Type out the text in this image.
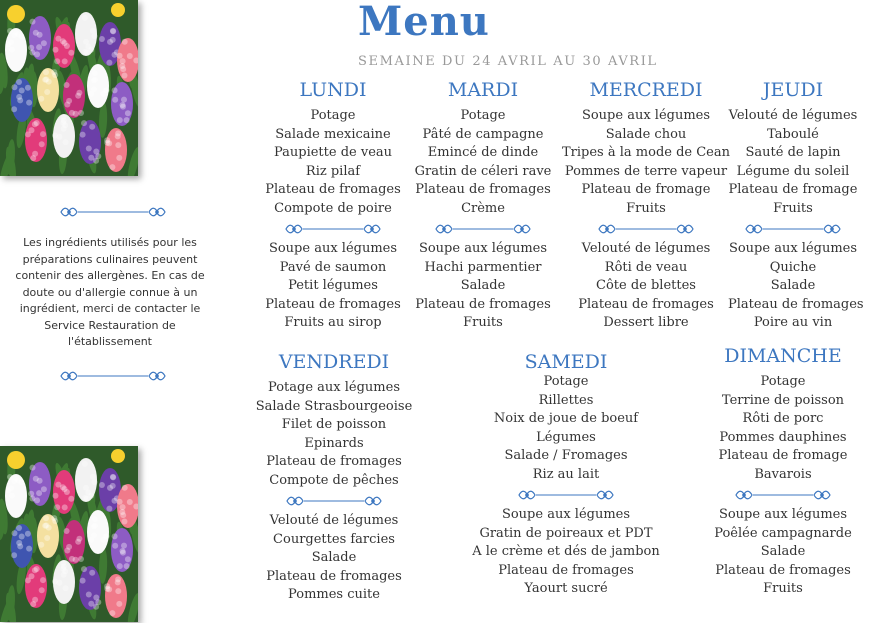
Les ingrédients utilisés pour les préparations culinaires peuvent contenir des allergènes. En cas de doute ou d'allergie connue à un ingrédient, merci de contacter le Service Restauration de l'établissement
Menu
SEMAINE DU 24 AVRIL AU 30 AVRIL
LUNDI
Potage
Salade mexicaine
Paupiette de veau
Riz pilaf
Plateau de fromages
Compote de poire
Soupe aux légumes
Pavé de saumon
Petit légumes
Plateau de fromages
Fruits au sirop
MARDI
Potage
Pâté de campagne
Emincé de dinde
Gratin de céleri rave
Plateau de fromages
Crème
Soupe aux légumes
Hachi parmentier
Salade
Plateau de fromages
Fruits
MERCREDI
Soupe aux légumes
Salade chou
Tripes à la mode de Cean
Pommes de terre vapeur
Plateau de fromage
Fruits
Velouté de légumes
Rôti de veau
Côte de blettes
Plateau de fromages
Dessert libre
JEUDI
Velouté de légumes
Taboulé
Sauté de lapin
Légume du soleil
Plateau de fromage
Fruits
Soupe aux légumes
Quiche
Salade
Plateau de fromages
Poire au vin
VENDREDI
Potage aux légumes
Salade Strasbourgeoise
Filet de poisson
Epinards
Plateau de fromages
Compote de pêches
Velouté de légumes
Courgettes farcies
Salade
Plateau de fromages
Pommes cuite
SAMEDI
Potage
Rillettes
Noix de joue de boeuf
Légumes
Salade / Fromages
Riz au lait
Soupe aux légumes
Gratin de poireaux et PDT
A le crème et dés de jambon
Plateau de fromages
Yaourt sucré
DIMANCHE
Potage
Terrine de poisson
Rôti de porc
Pommes dauphines
Plateau de fromage
Bavarois
Soupe aux légumes
Poêlée campagnarde
Salade
Plateau de fromages
Fruits
